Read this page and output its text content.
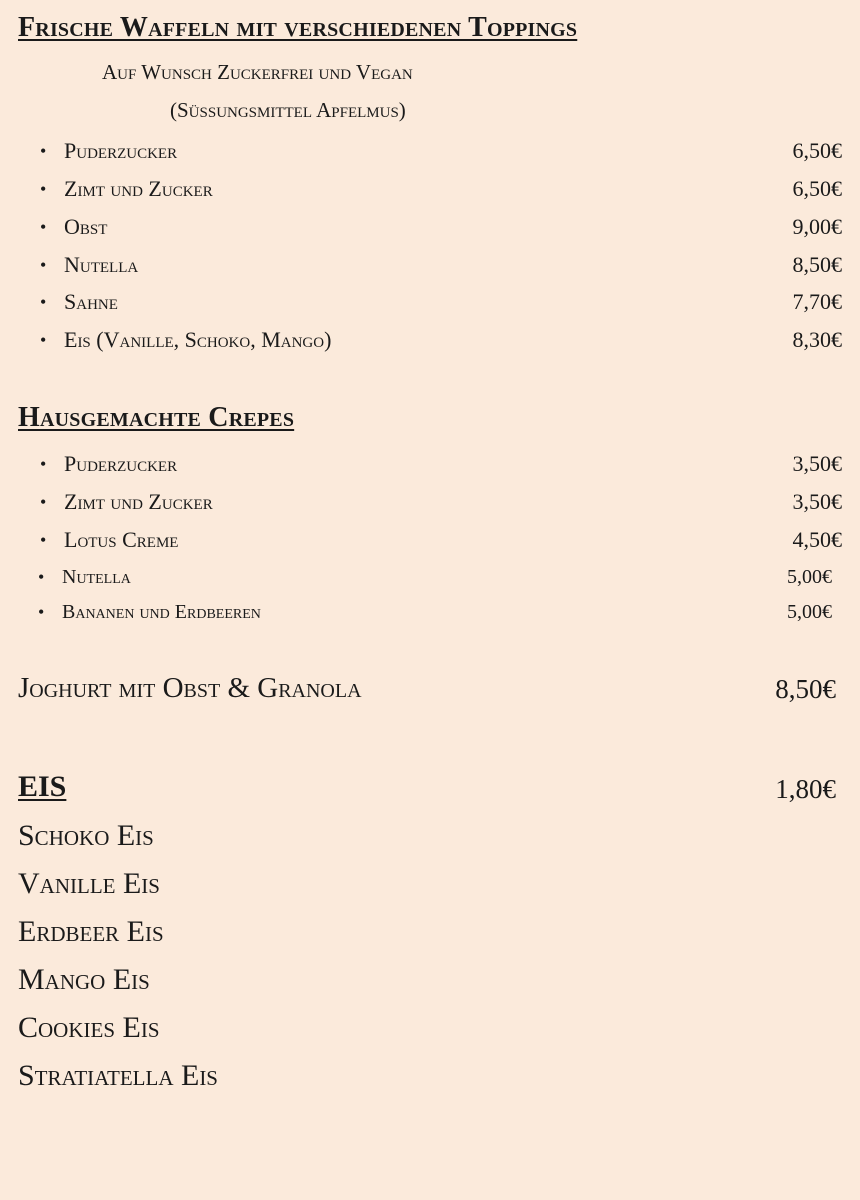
Frische Waffeln mit verschiedenen Toppings
Auf Wunsch Zuckerfrei und Vegan
(Süßungsmittel Apfelmus)
• Puderzucker	6,50€
• Zimt und Zucker	6,50€
• Obst	9,00€
• Nutella	8,50€
• Sahne	7,70€
• Eis (Vanille, Schoko, Mango)	8,30€
Hausgemachte Crepes
• Puderzucker	3,50€
• Zimt und Zucker	3,50€
• Lotus Creme	4,50€
• Nutella	5,00€
• Bananen und Erdbeeren	5,00€
Joghurt mit Obst & Granola	8,50€
EIS	1,80€
Schoko Eis
Vanille Eis
Erdbeer Eis
Mango Eis
Cookies Eis
Stratiatella Eis
